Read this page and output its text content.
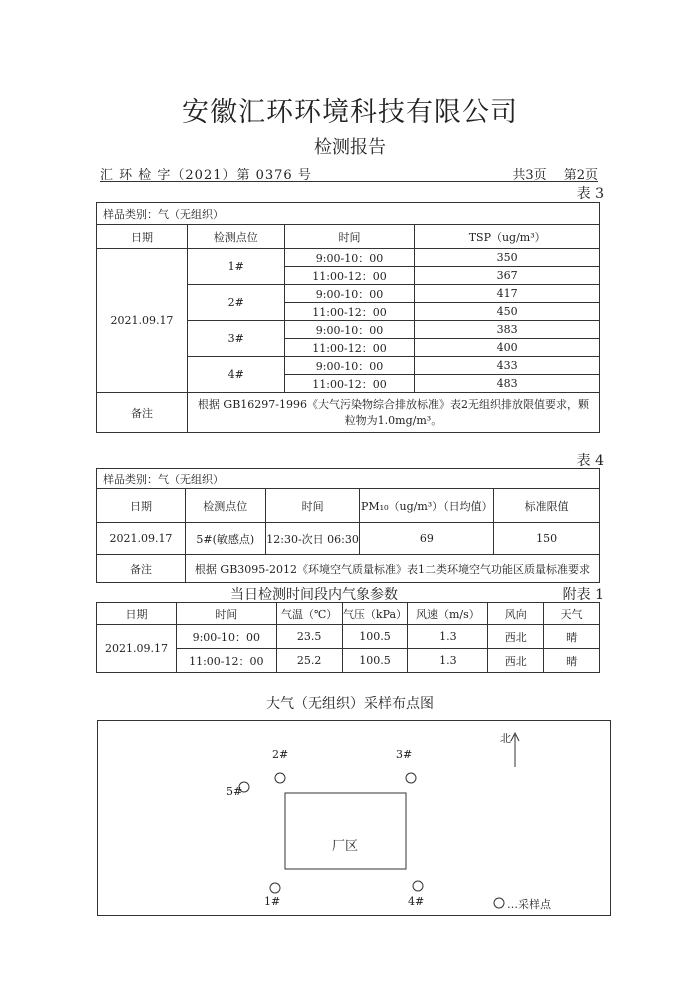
安徽汇环环境科技有限公司
检测报告
汇 环 检 字（2021）第 0376 号	共3页　 第2页
表 3
样品类别：气（无组织）			
日期	检测点位	时间	TSP（ug/m³）
2021.09.17	1#	9:00-10：00	350
		11:00-12：00	367
	2#	9:00-10：00	417
		11:00-12：00	450
	3#	9:00-10：00	383
		11:00-12：00	400
	4#	9:00-10：00	433
		11:00-12：00	483
备注	根据 GB16297-1996《大气污染物综合排放标准》表2无组织排放限值要求，颗
粒物为1.0mg/m³。		
表 4
样品类别：气（无组织）				
日期	检测点位	时间	PM₁₀（ug/m³）（日均值）	标准限值
2021.09.17	5#(敏感点)	12:30-次日 06:30	69	150
备注	根据 GB3095-2012《环境空气质量标准》表1二类环境空气功能区质量标准要求			
当日检测时间段内气象参数	附表 1
日期	时间	气温（℃）	气压（kPa）	风速（m/s）	风向	天气
2021.09.17	9:00-10：00	23.5	100.5	1.3	西北	晴
	11:00-12：00	25.2	100.5	1.3	西北	晴
大气（无组织）采样布点图
2#	3#
5#
1#	4#
厂区
北
…采样点
